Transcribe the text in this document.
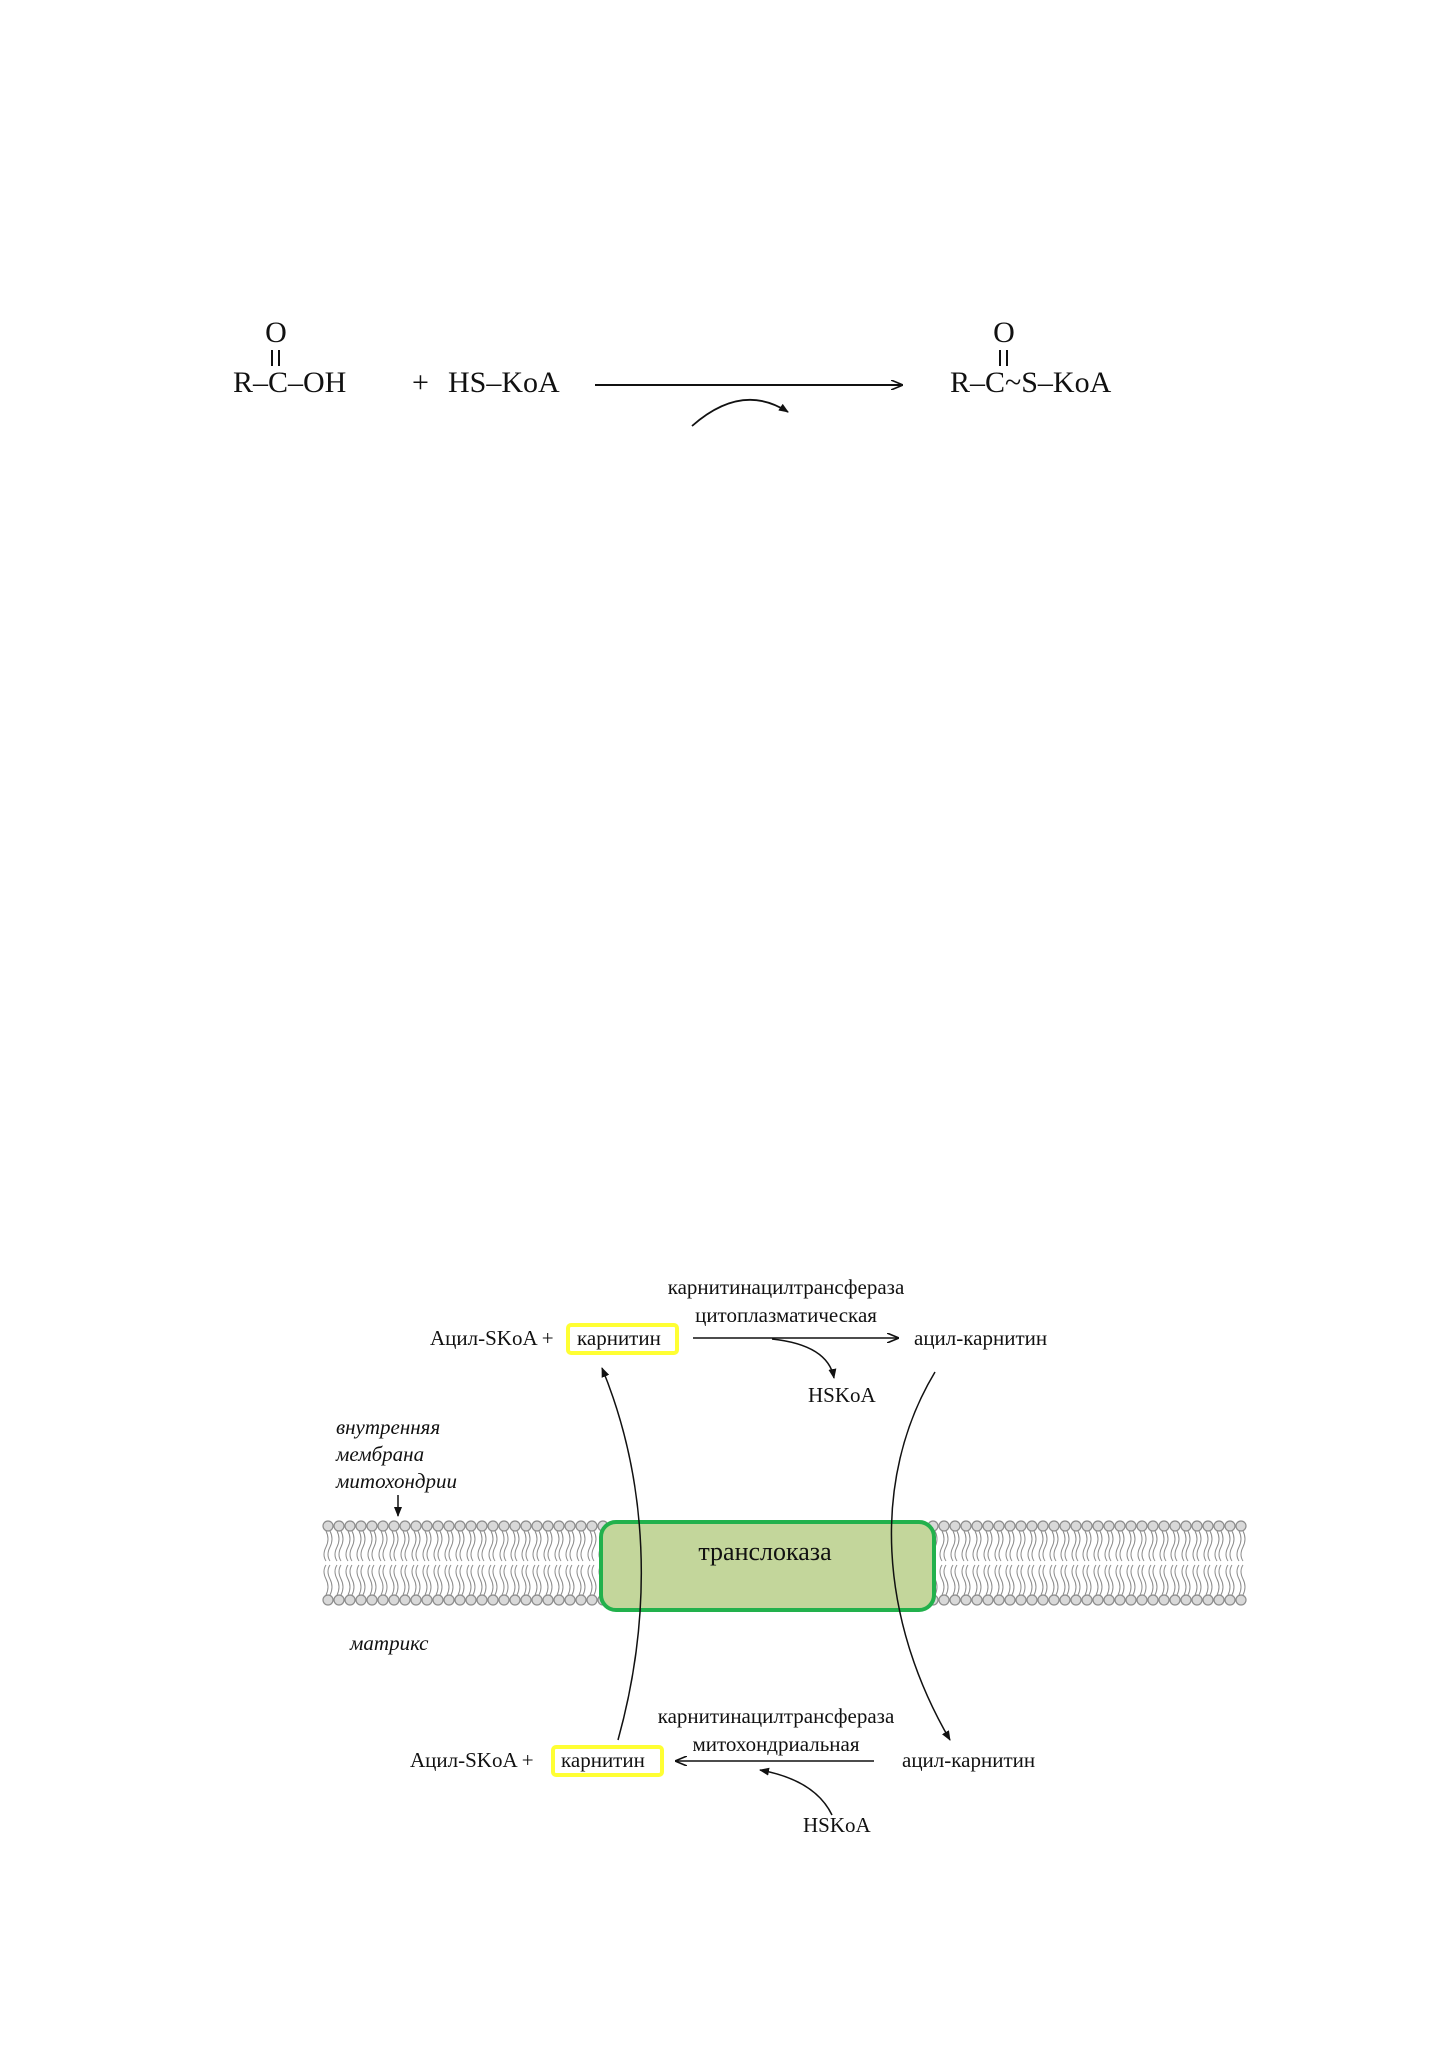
O
R–C–OH + HS–KoA
O
R–C~S–KoA
карнитинацилтрансфераза
цитоплазматическая
Ацил-SKoA + карнитин	ацил-карнитин
HSKoA
внутренняя
мембрана
митохондрии
транслоказа
матрикс
карнитинацилтрансфераза
митохондриальная
Ацил-SKoA + карнитин	ацил-карнитин
HSKoA
